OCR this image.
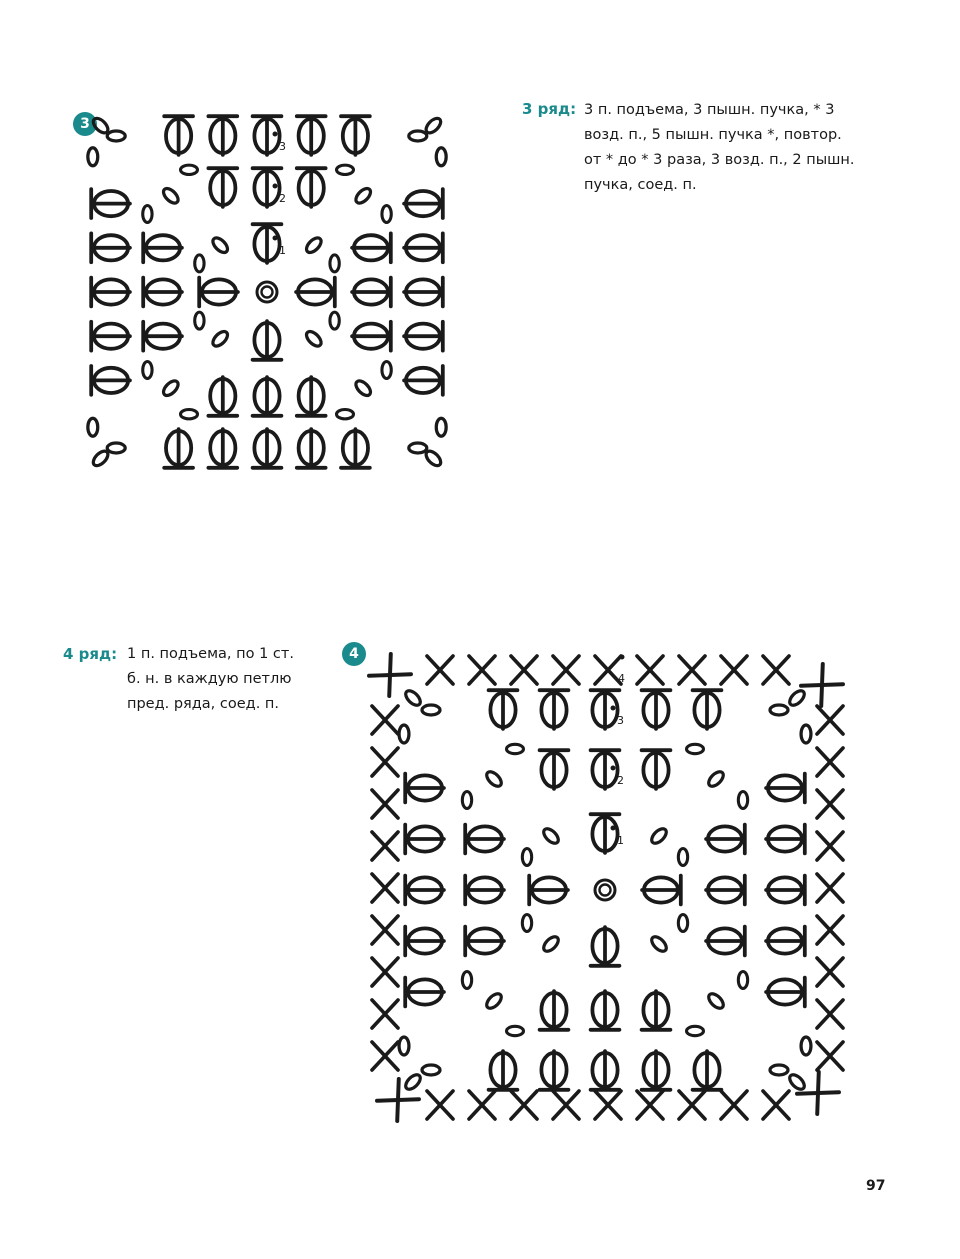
3
1
2
3
3 ряд: 3 п. подъема, 3 пышн. пучка, * 3
возд. п., 5 пышн. пучка *, повтор.
от * до * 3 раза, 3 возд. п., 2 пышн.
пучка, соед. п.
4 ряд: 1 п. подъема, по 1 ст.
б. н. в каждую петлю
пред. ряда, соед. п.
4
1
2
3
4
97
